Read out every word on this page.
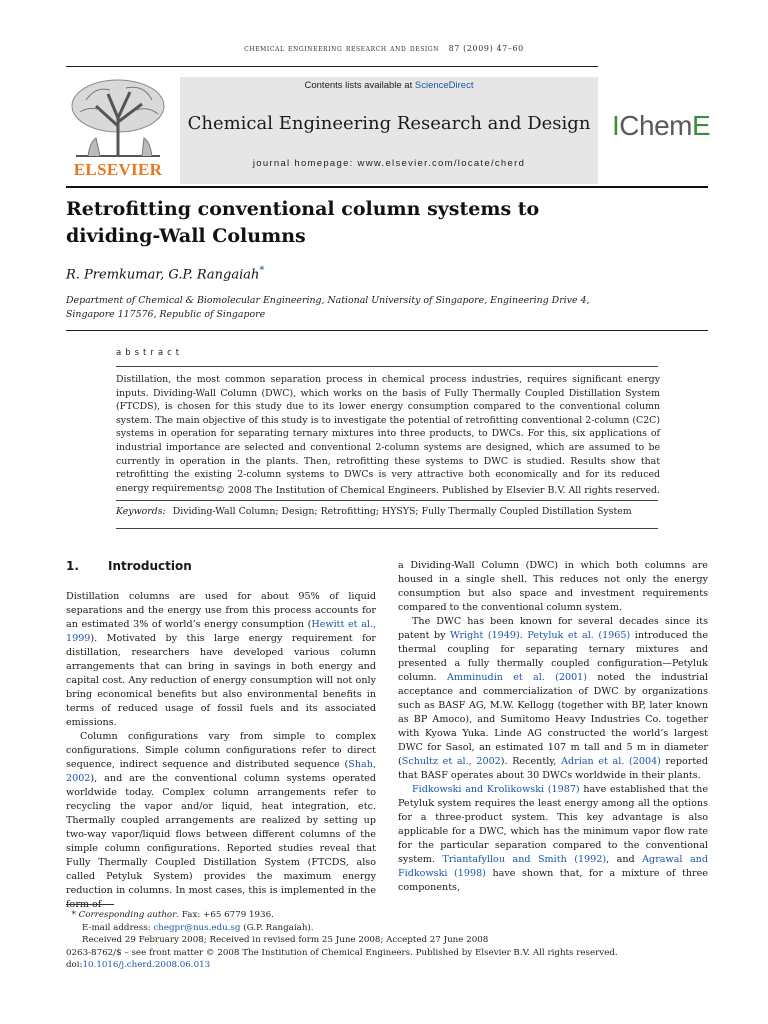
chemical engineering research and design 87 (2009) 47–60
ELSEVIER
Contents lists available at ScienceDirect
Chemical Engineering Research and Design
journal homepage: www.elsevier.com/locate/cherd
IChemE
Retrofitting conventional column systems to
dividing-Wall Columns
R. Premkumar, G.P. Rangaiah*
Department of Chemical & Biomolecular Engineering, National University of Singapore, Engineering Drive 4,
Singapore 117576, Republic of Singapore
abstract
Distillation, the most common separation process in chemical process industries, requires significant energy inputs. Dividing-Wall Column (DWC), which works on the basis of Fully Thermally Coupled Distillation System (FTCDS), is chosen for this study due to its lower energy consumption compared to the conventional column system. The main objective of this study is to investigate the potential of retrofitting conventional 2-column (C2C) systems in operation for separating ternary mixtures into three products, to DWCs. For this, six applications of industrial importance are selected and conventional 2-column systems are designed, which are assumed to be currently in operation in the plants. Then, retrofitting these systems to DWC is studied. Results show that retrofitting the existing 2-column systems to DWCs is very attractive both economically and for its reduced energy requirements.
© 2008 The Institution of Chemical Engineers. Published by Elsevier B.V. All rights reserved.
Keywords: Dividing-Wall Column; Design; Retrofitting; HYSYS; Fully Thermally Coupled Distillation System
1. Introduction

Distillation columns are used for about 95% of liquid separations and the energy use from this process accounts for an estimated 3% of world’s energy consumption (Hewitt et al., 1999). Motivated by this large energy requirement for distillation, researchers have developed various column arrangements that can bring in savings in both energy and capital cost. Any reduction of energy consumption will not only bring economical benefits but also environmental benefits in terms of reduced usage of fossil fuels and its associated emissions.

Column configurations vary from simple to complex configurations. Simple column configurations refer to direct sequence, indirect sequence and distributed sequence (Shah, 2002), and are the conventional column systems operated worldwide today. Complex column arrangements refer to recycling the vapor and/or liquid, heat integration, etc. Thermally coupled arrangements are realized by setting up two-way vapor/liquid flows between different columns of the simple column configurations. Reported studies reveal that Fully Thermally Coupled Distillation System (FTCDS, also called Petyluk System) provides the maximum energy reduction in columns. In most cases, this is implemented in the form of

a Dividing-Wall Column (DWC) in which both columns are housed in a single shell. This reduces not only the energy consumption but also space and investment requirements compared to the conventional column system.

The DWC has been known for several decades since its patent by Wright (1949). Petyluk et al. (1965) introduced the thermal coupling for separating ternary mixtures and presented a fully thermally coupled configuration—Petyluk column. Amminudin et al. (2001) noted the industrial acceptance and commercialization of DWC by organizations such as BASF AG, M.W. Kellogg (together with BP, later known as BP Amoco), and Sumitomo Heavy Industries Co. together with Kyowa Yuka. Linde AG constructed the world’s largest DWC for Sasol, an estimated 107 m tall and 5 m in diameter (Schultz et al., 2002). Recently, Adrian et al. (2004) reported that BASF operates about 30 DWCs worldwide in their plants.

Fidkowski and Krolikowski (1987) have established that the Petyluk system requires the least energy among all the options for a three-product system. This key advantage is also applicable for a DWC, which has the minimum vapor flow rate for the particular separation compared to the conventional system. Triantafyllou and Smith (1992), and Agrawal and Fidkowski (1998) have shown that, for a mixture of three components,

* Corresponding author. Fax: +65 6779 1936.
E-mail address: chegpr@nus.edu.sg (G.P. Rangaiah).
Received 29 February 2008; Received in revised form 25 June 2008; Accepted 27 June 2008
0263-8762/$ – see front matter © 2008 The Institution of Chemical Engineers. Published by Elsevier B.V. All rights reserved.
doi:10.1016/j.cherd.2008.06.013
